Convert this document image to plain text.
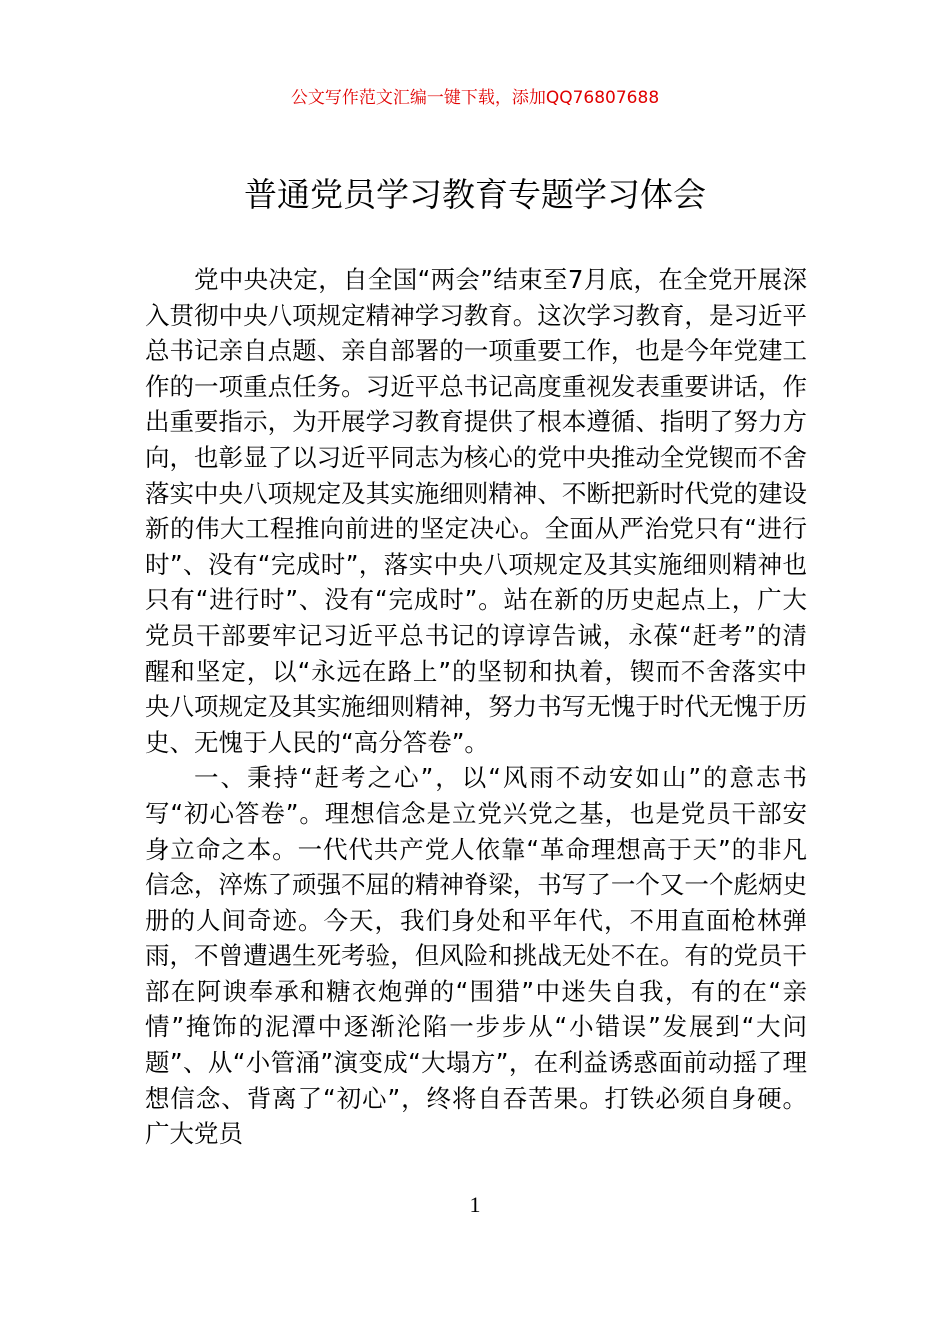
公文写作范文汇编一键下载，添加QQ76807688
普通党员学习教育专题学习体会

党中央决定，自全国“两会”结束至7月底，在全党开展深入贯彻中央八项规定精神学习教育。这次学习教育，是习近平总书记亲自点题、亲自部署的一项重要工作，也是今年党建工作的一项重点任务。习近平总书记高度重视发表重要讲话，作出重要指示，为开展学习教育提供了根本遵循、指明了努力方向，也彰显了以习近平同志为核心的党中央推动全党锲而不舍落实中央八项规定及其实施细则精神、不断把新时代党的建设新的伟大工程推向前进的坚定决心。全面从严治党只有“进行时”、没有“完成时”，落实中央八项规定及其实施细则精神也只有“进行时”、没有“完成时”。站在新的历史起点上，广大党员干部要牢记习近平总书记的谆谆告诫，永葆“赶考”的清醒和坚定，以“永远在路上”的坚韧和执着，锲而不舍落实中央八项规定及其实施细则精神，努力书写无愧于时代无愧于历史、无愧于人民的“高分答卷”。

一、秉持“赶考之心”，以“风雨不动安如山”的意志书写“初心答卷”。理想信念是立党兴党之基，也是党员干部安身立命之本。一代代共产党人依靠“革命理想高于天”的非凡信念，淬炼了顽强不屈的精神脊梁，书写了一个又一个彪炳史册的人间奇迹。今天，我们身处和平年代，不用直面枪林弹雨，不曾遭遇生死考验，但风险和挑战无处不在。有的党员干部在阿谀奉承和糖衣炮弹的“围猎”中迷失自我，有的在“亲情”掩饰的泥潭中逐渐沦陷一步步从“小错误”发展到“大问题”、从“小管涌”演变成“大塌方”，在利益诱惑面前动摇了理想信念、背离了“初心”，终将自吞苦果。打铁必须自身硬。广大党员

1
